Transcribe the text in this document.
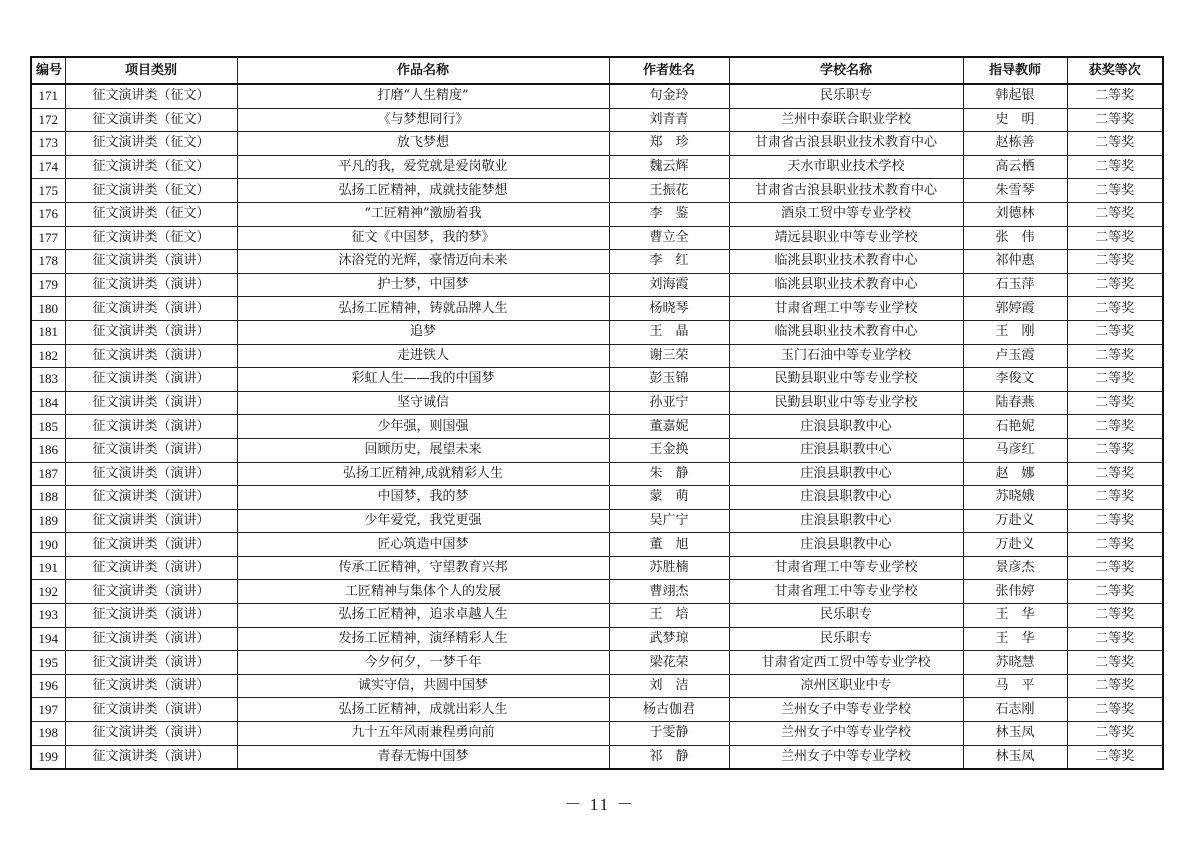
编号	项目类别	作品名称	作者姓名	学校名称	指导教师	获奖等次
171	征文演讲类（征文）	打磨“人生精度”	句金玲	民乐职专	韩起银	二等奖
172	征文演讲类（征文）	《与梦想同行》	刘青青	兰州中泰联合职业学校	史　明	二等奖
173	征文演讲类（征文）	放飞梦想	郑　珍	甘肃省古浪县职业技术教育中心	赵栋善	二等奖
174	征文演讲类（征文）	平凡的我，爱党就是爱岗敬业	魏云辉	天水市职业技术学校	高云栖	二等奖
175	征文演讲类（征文）	弘扬工匠精神，成就技能梦想	王振花	甘肃省古浪县职业技术教育中心	朱雪琴	二等奖
176	征文演讲类（征文）	“工匠精神”激励着我	李　鉴	酒泉工贸中等专业学校	刘德林	二等奖
177	征文演讲类（征文）	征文《中国梦，我的梦》	曹立全	靖远县职业中等专业学校	张　伟	二等奖
178	征文演讲类（演讲）	沐浴党的光辉，豪情迈向未来	李　红	临洮县职业技术教育中心	祁仲惠	二等奖
179	征文演讲类（演讲）	护士梦，中国梦	刘海霞	临洮县职业技术教育中心	石玉萍	二等奖
180	征文演讲类（演讲）	弘扬工匠精神，铸就品牌人生	杨晓琴	甘肃省理工中等专业学校	郭婷霞	二等奖
181	征文演讲类（演讲）	追梦	王　晶	临洮县职业技术教育中心	王　刚	二等奖
182	征文演讲类（演讲）	走进铁人	谢三荣	玉门石油中等专业学校	卢玉霞	二等奖
183	征文演讲类（演讲）	彩虹人生——我的中国梦	彭玉锦	民勤县职业中等专业学校	李俊文	二等奖
184	征文演讲类（演讲）	坚守诚信	孙亚宁	民勤县职业中等专业学校	陆春燕	二等奖
185	征文演讲类（演讲）	少年强，则国强	董嘉妮	庄浪县职教中心	石艳妮	二等奖
186	征文演讲类（演讲）	回顾历史，展望未来	王金换	庄浪县职教中心	马彦红	二等奖
187	征文演讲类（演讲）	弘扬工匠精神,成就精彩人生	朱　静	庄浪县职教中心	赵　娜	二等奖
188	征文演讲类（演讲）	中国梦，我的梦	蒙　萌	庄浪县职教中心	苏晓娥	二等奖
189	征文演讲类（演讲）	少年爱党，我党更强	吴广宁	庄浪县职教中心	万赴义	二等奖
190	征文演讲类（演讲）	匠心筑造中国梦	董　旭	庄浪县职教中心	万赴义	二等奖
191	征文演讲类（演讲）	传承工匠精神，守望教育兴邦	苏胜楠	甘肃省理工中等专业学校	景彦杰	二等奖
192	征文演讲类（演讲）	工匠精神与集体个人的发展	曹翊杰	甘肃省理工中等专业学校	张伟婷	二等奖
193	征文演讲类（演讲）	弘扬工匠精神，追求卓越人生	王　培	民乐职专	王　华	二等奖
194	征文演讲类（演讲）	发扬工匠精神，演绎精彩人生	武梦琼	民乐职专	王　华	二等奖
195	征文演讲类（演讲）	今夕何夕，一梦千年	梁花荣	甘肃省定西工贸中等专业学校	苏晓慧	二等奖
196	征文演讲类（演讲）	诚实守信，共圆中国梦	刘　洁	凉州区职业中专	马　平	二等奖
197	征文演讲类（演讲）	弘扬工匠精神，成就出彩人生	杨古伽君	兰州女子中等专业学校	石志刚	二等奖
198	征文演讲类（演讲）	九十五年风雨兼程勇向前	于雯静	兰州女子中等专业学校	林玉凤	二等奖
199	征文演讲类（演讲）	青春无悔中国梦	祁　静	兰州女子中等专业学校	林玉凤	二等奖
－ 11 －
